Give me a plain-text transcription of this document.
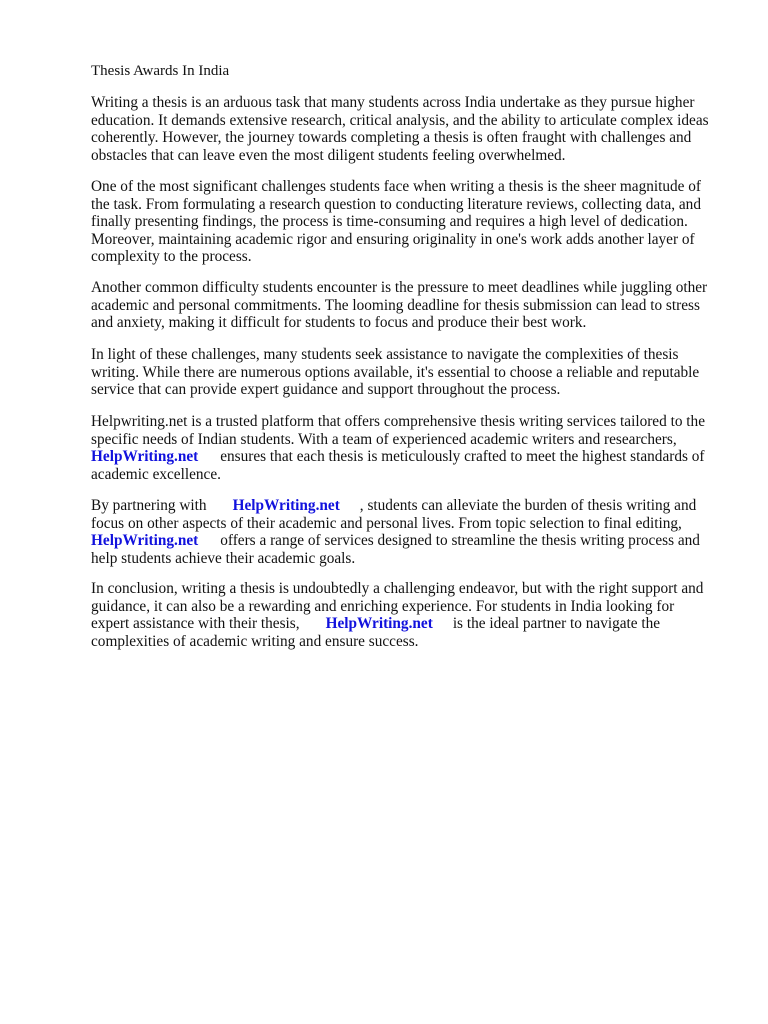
Thesis Awards In India

Writing a thesis is an arduous task that many students across India undertake as they pursue higher
education. It demands extensive research, critical analysis, and the ability to articulate complex ideas
coherently. However, the journey towards completing a thesis is often fraught with challenges and
obstacles that can leave even the most diligent students feeling overwhelmed.

One of the most significant challenges students face when writing a thesis is the sheer magnitude of
the task. From formulating a research question to conducting literature reviews, collecting data, and
finally presenting findings, the process is time-consuming and requires a high level of dedication.
Moreover, maintaining academic rigor and ensuring originality in one's work adds another layer of
complexity to the process.

Another common difficulty students encounter is the pressure to meet deadlines while juggling other
academic and personal commitments. The looming deadline for thesis submission can lead to stress
and anxiety, making it difficult for students to focus and produce their best work.

In light of these challenges, many students seek assistance to navigate the complexities of thesis
writing. While there are numerous options available, it's essential to choose a reliable and reputable
service that can provide expert guidance and support throughout the process.

Helpwriting.net is a trusted platform that offers comprehensive thesis writing services tailored to the
specific needs of Indian students. With a team of experienced academic writers and researchers,
HelpWriting.net ensures that each thesis is meticulously crafted to meet the highest standards of
academic excellence.

By partnering with HelpWriting.net , students can alleviate the burden of thesis writing and
focus on other aspects of their academic and personal lives. From topic selection to final editing,
HelpWriting.net offers a range of services designed to streamline the thesis writing process and
help students achieve their academic goals.

In conclusion, writing a thesis is undoubtedly a challenging endeavor, but with the right support and
guidance, it can also be a rewarding and enriching experience. For students in India looking for
expert assistance with their thesis, HelpWriting.net is the ideal partner to navigate the
complexities of academic writing and ensure success.
